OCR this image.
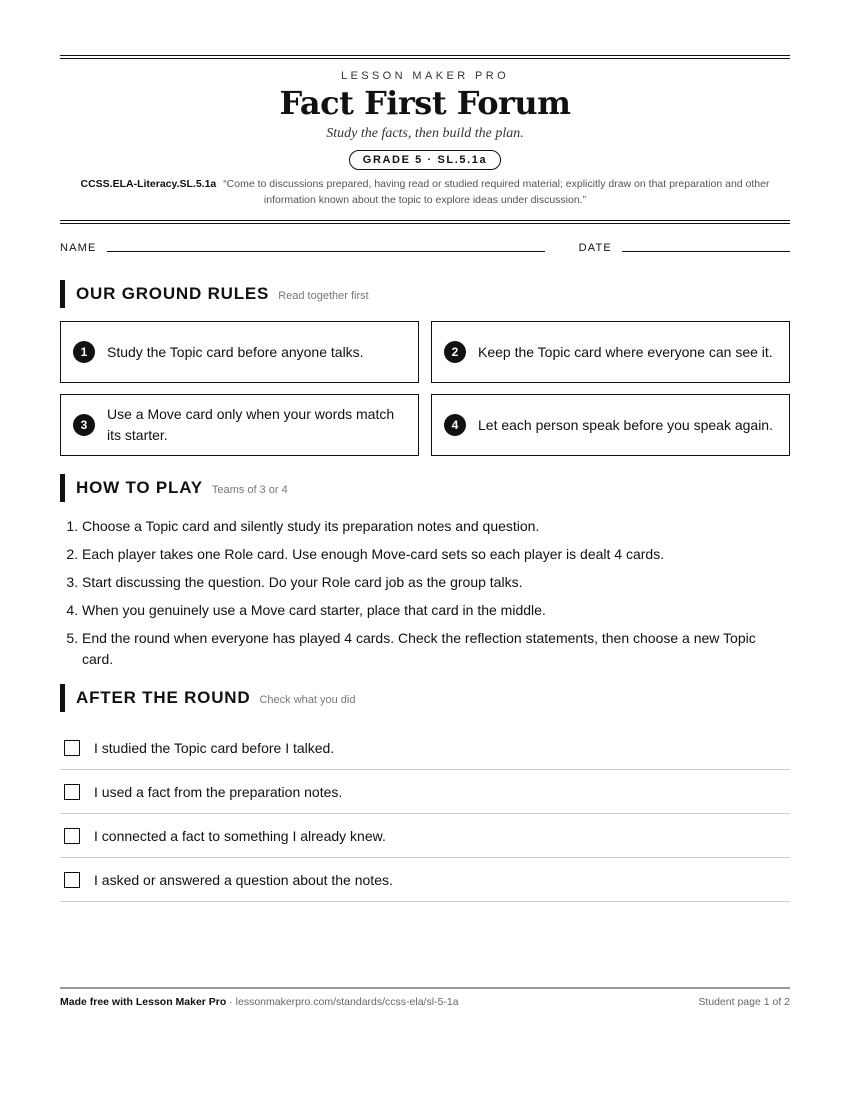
LESSON MAKER PRO
Fact First Forum
Study the facts, then build the plan.
GRADE 5 · SL.5.1a
CCSS.ELA-Literacy.SL.5.1a “Come to discussions prepared, having read or studied required material; explicitly draw on that preparation and other information known about the topic to explore ideas under discussion.”
NAME	DATE
OUR GROUND RULES Read together first
1	Study the Topic card before anyone talks.	2	Keep the Topic card where everyone can see it.
3
Use a Move card only when your words match its starter.
4	Let each person speak before you speak again.
HOW TO PLAY Teams of 3 or 4
1. Choose a Topic card and silently study its preparation notes and question.
2. Each player takes one Role card. Use enough Move-card sets so each player is dealt 4 cards.
3. Start discussing the question. Do your Role card job as the group talks.
4. When you genuinely use a Move card starter, place that card in the middle.
5. End the round when everyone has played 4 cards. Check the reflection statements, then choose a new Topic card.
AFTER THE ROUND Check what you did
I studied the Topic card before I talked.
I used a fact from the preparation notes.
I connected a fact to something I already knew.
I asked or answered a question about the notes.
Made free with Lesson Maker Pro · lessonmakerpro.com/standards/ccss-ela/sl-5-1a	Student page 1 of 2
